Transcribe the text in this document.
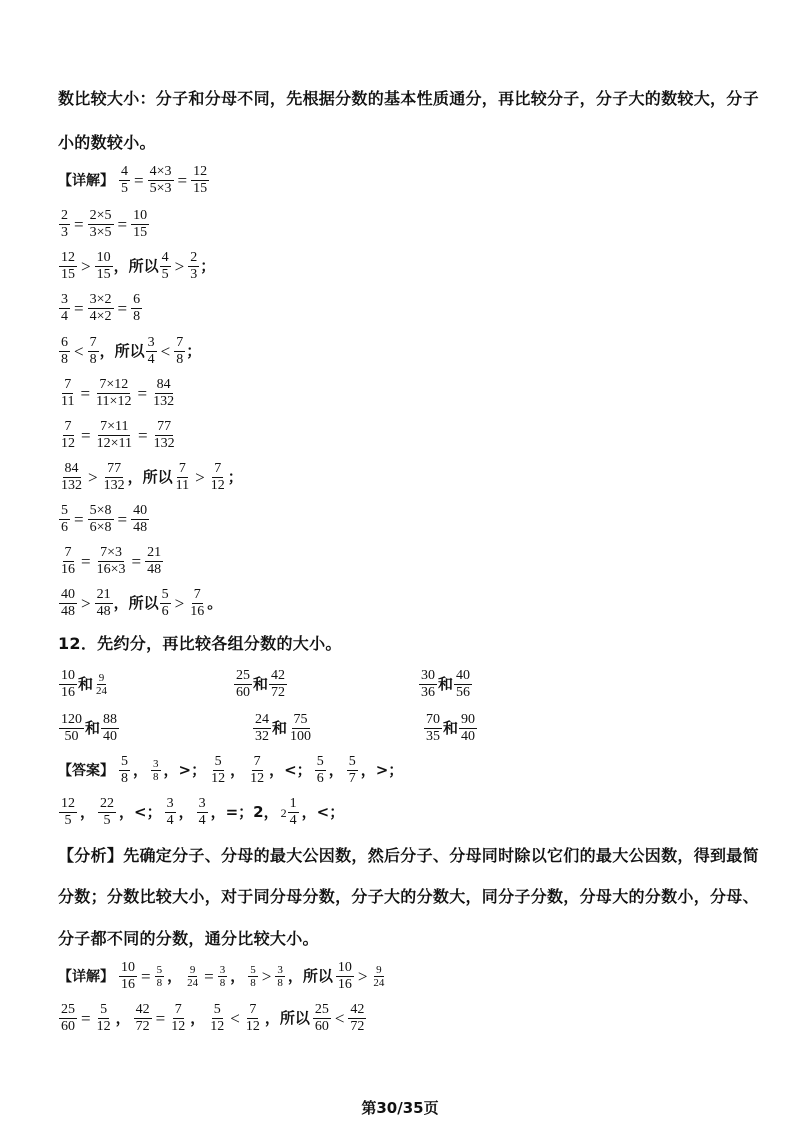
数比较大小：分子和分母不同，先根据分数的基本性质通分，再比较分子，分子大的数较大，分子
小的数较小。
【详解】 $\frac{4}{5} = \frac{4\times 3}{5\times 3} = \frac{12}{15}$
$\frac{2}{3} = \frac{2\times 5}{3\times 5} = \frac{10}{15}$
$\frac{12}{15} > \frac{10}{15}$ ，所以 $\frac{4}{5} > \frac{2}{3}$ ；
$\frac{3}{4} = \frac{3\times 2}{4\times 2} = \frac{6}{8}$
$\frac{6}{8} < \frac{7}{8}$ ，所以 $\frac{3}{4} < \frac{7}{8}$ ；
$\frac{7}{11} = \frac{7\times 12}{11\times 12} = \frac{84}{132}$
$\frac{7}{12} = \frac{7\times 11}{12\times 11} = \frac{77}{132}$
$\frac{84}{132} > \frac{77}{132}$ ，所以 $\frac{7}{11} > \frac{7}{12}$ ；
$\frac{5}{6} = \frac{5\times 8}{6\times 8} = \frac{40}{48}$
$\frac{7}{16} = \frac{7\times 3}{16\times 3} = \frac{21}{48}$
$\frac{40}{48} > \frac{21}{48}$ ，所以 $\frac{5}{6} > \frac{7}{16}$ 。
12．先约分，再比较各组分数的大小。
$\frac{10}{16}$ 和 $\frac{9}{24}$	$\frac{25}{60}$ 和 $\frac{42}{72}$	$\frac{30}{36}$ 和 $\frac{40}{56}$
$\frac{120}{50}$ 和 $\frac{88}{40}$	$\frac{24}{32}$ 和 $\frac{75}{100}$	$\frac{70}{35}$ 和 $\frac{90}{40}$
【答案】 $\frac{5}{8}$ ， $\frac{3}{8}$ ，>； $\frac{5}{12}$ ， $\frac{7}{12}$ ，<； $\frac{5}{6}$ ， $\frac{5}{7}$ ，>；
$\frac{12}{5}$ ， $\frac{22}{5}$ ，<； $\frac{3}{4}$ ， $\frac{3}{4}$ ，=；2， $2 \frac{1}{4}$ ，<；
【分析】先确定分子、分母的最大公因数，然后分子、分母同时除以它们的最大公因数，得到最简
分数；分数比较大小，对于同分母分数，分子大的分数大，同分子分数，分母大的分数小，分母、
分子都不同的分数，通分比较大小。
【详解】 $\frac{10}{16} = \frac{5}{8}$ ， $\frac{9}{24} = \frac{3}{8}$ ， $\frac{5}{8} > \frac{3}{8}$ ，所以 $\frac{10}{16} > \frac{9}{24}$
$\frac{25}{60} = \frac{5}{12}$ ， $\frac{42}{72} = \frac{7}{12}$ ， $\frac{5}{12} < \frac{7}{12}$ ，所以 $\frac{25}{60} < \frac{42}{72}$
第30/35页
